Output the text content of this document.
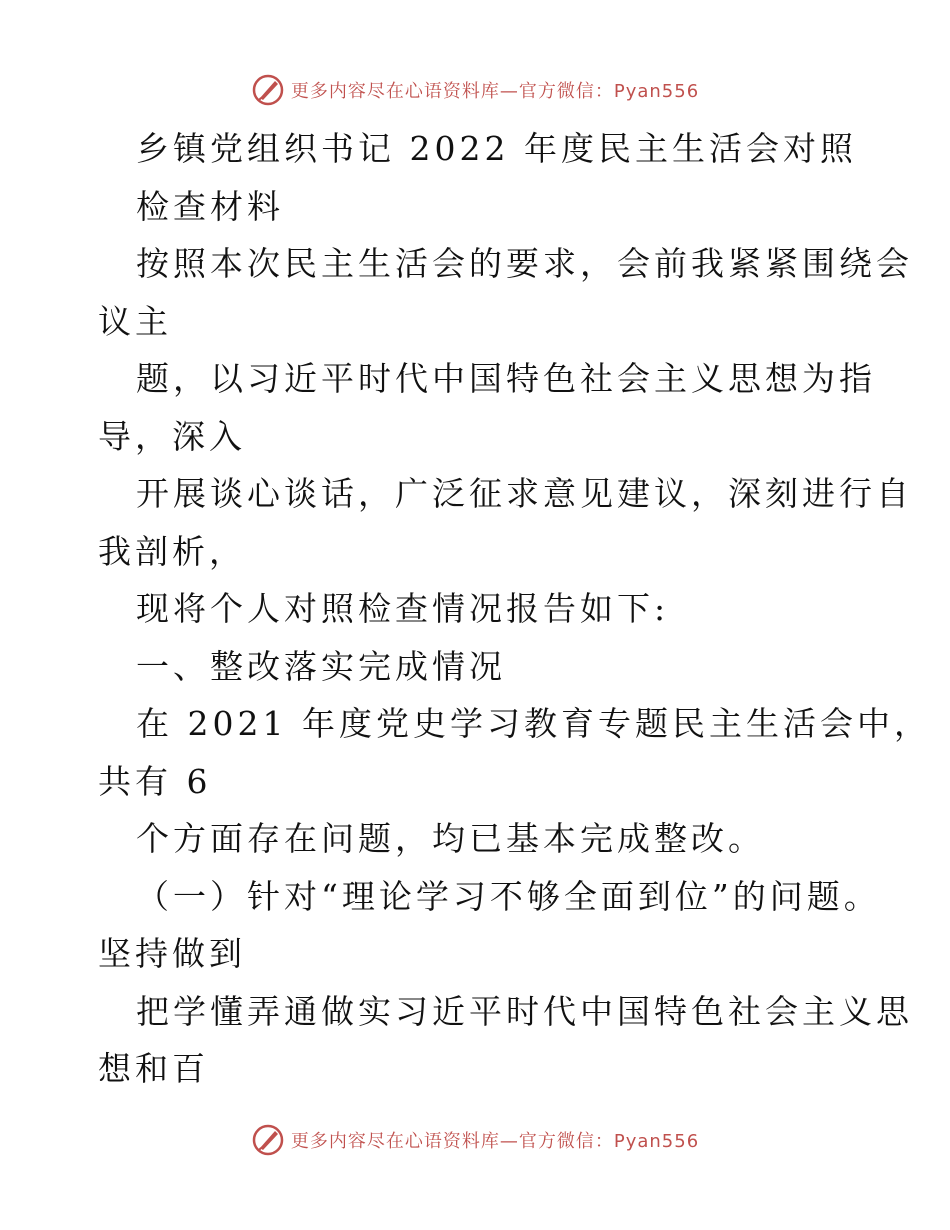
更多内容尽在心语资料库—官方微信：Pyan556
乡镇党组织书记 2022 年度民主生活会对照
检查材料
按照本次民主生活会的要求，会前我紧紧围绕会
议主
题，以习近平时代中国特色社会主义思想为指
导，深入
开展谈心谈话，广泛征求意见建议，深刻进行自
我剖析，
现将个人对照检查情况报告如下:
一、整改落实完成情况
在 2021 年度党史学习教育专题民主生活会中，
共有 6
个方面存在问题，均已基本完成整改。
（一）针对“理论学习不够全面到位”的问题。
坚持做到
把学懂弄通做实习近平时代中国特色社会主义思
想和百
更多内容尽在心语资料库—官方微信：Pyan556
